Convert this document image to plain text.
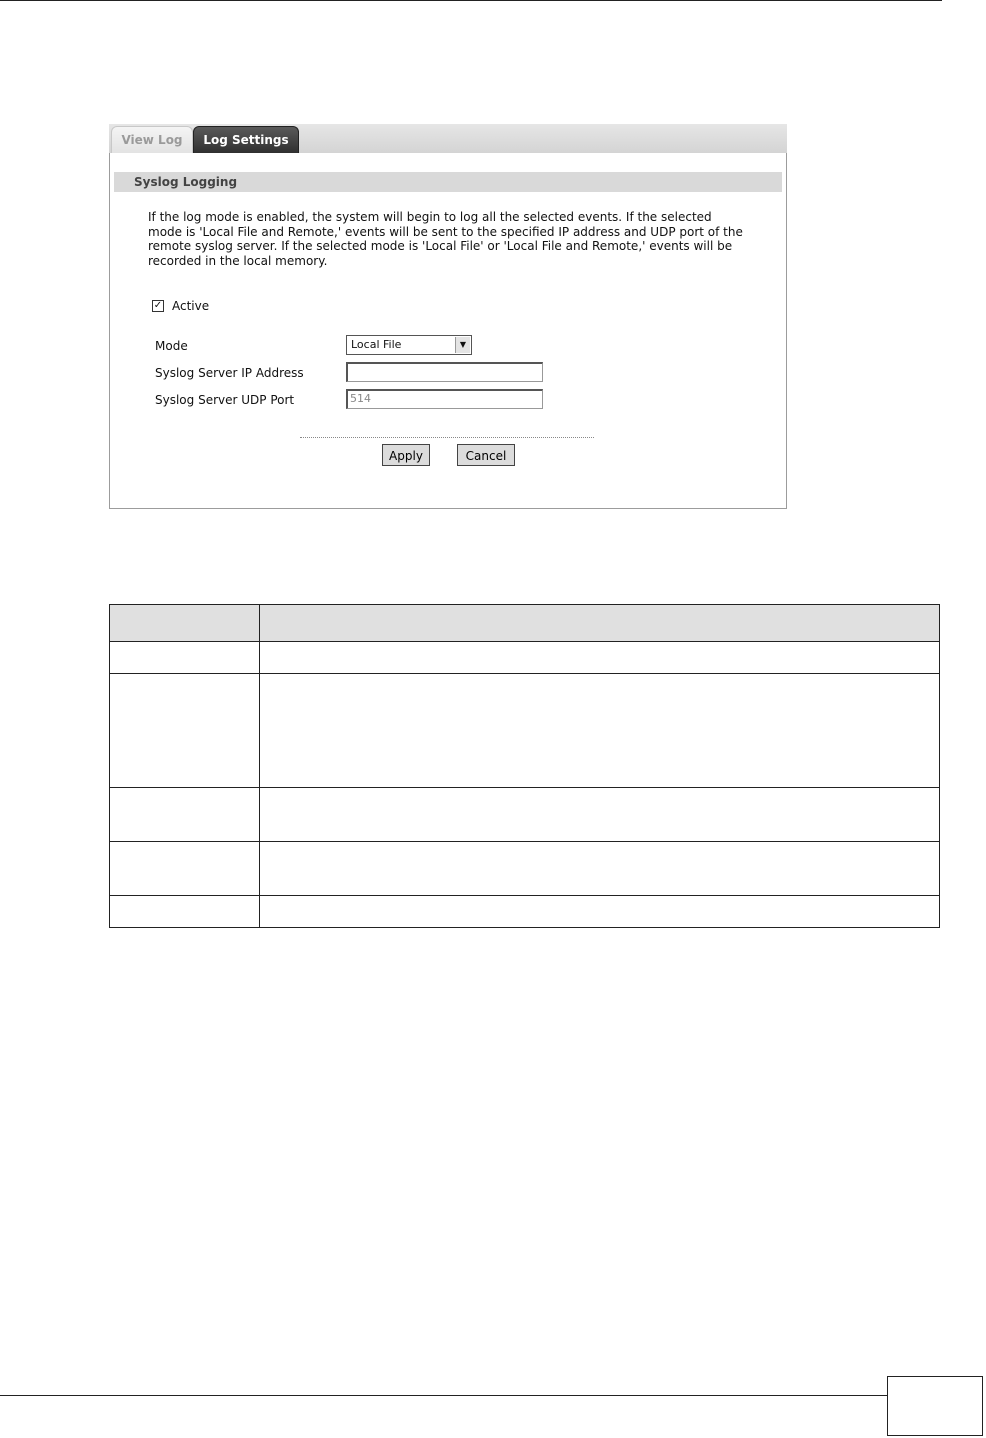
View Log	Log Settings
Syslog Logging
If the log mode is enabled, the system will begin to log all the selected events. If the selected mode is 'Local File and Remote,' events will be sent to the specified IP address and UDP port of the remote syslog server. If the selected mode is 'Local File' or 'Local File and Remote,' events will be recorded in the local memory.
✓ Active
Mode	Local File	▼
Syslog Server IP Address
Syslog Server UDP Port	514
Apply	Cancel
